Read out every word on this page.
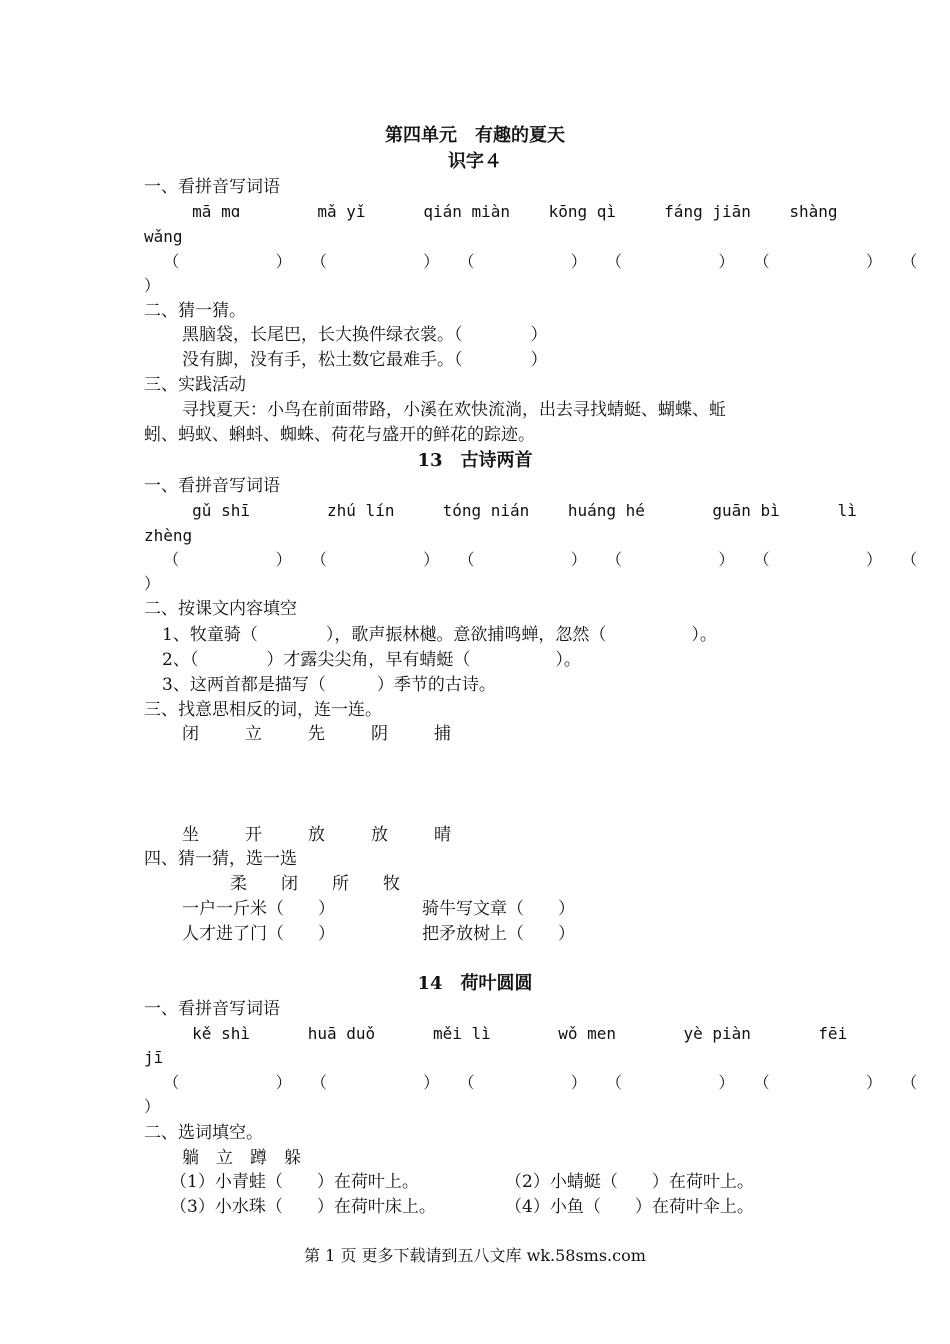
第四单元　有趣的夏天
识字４
一、看拼音写词语
mā mɑ        mǎ yǐ      qián miàn    kōng qì     fáng jiān    shàng
wǎng
（          ）  （          ）  （          ）  （          ）  （          ）  （
）
二、猜一猜。
黑脑袋，长尾巴，长大换件绿衣裳。（　　　　）
没有脚，没有手，松土数它最难手。（　　　　）
三、实践活动
寻找夏天：小鸟在前面带路，小溪在欢快流淌，出去寻找蜻蜓、蝴蝶、蚯
蚓、蚂蚁、蝌蚪、蜘蛛、荷花与盛开的鲜花的踪迹。
13　古诗两首
一、看拼音写词语
gǔ shī        zhú lín     tóng nián    huáng hé       guān bì      lì
zhèng
（          ）  （          ）  （          ）  （          ）  （          ）  （
）
二、按课文内容填空
1、牧童骑（　　　　），歌声振林樾。意欲捕鸣蝉，忽然（　　　　　）。
2、（　　　　）才露尖尖角，早有蜻蜓（　　　　　）。
3、这两首都是描写（　　　）季节的古诗。
三、找意思相反的词，连一连。
闭　　立　　先　　阴　　捕
坐　　开　　放　　放　　晴
四、猜一猜，选一选
柔　　闭　　所　　牧
一户一斤米（　　）	骑牛写文章（　　）
人才进了门（　　）	把矛放树上（　　）
14　荷叶圆圆
一、看拼音写词语
kě shì      huā duǒ      měi lì       wǒ men       yè piàn       fēi
jī
（          ）  （          ）  （          ）  （          ）  （          ）  （
）
二、选词填空。
躺　立　蹲　躲
（1）小青蛙（　　）在荷叶上。	（2）小蜻蜓（　　）在荷叶上。
（3）小水珠（　　）在荷叶床上。	（4）小鱼（　　）在荷叶伞上。
第 1 页 更多下载请到五八文库 wk.58sms.com
